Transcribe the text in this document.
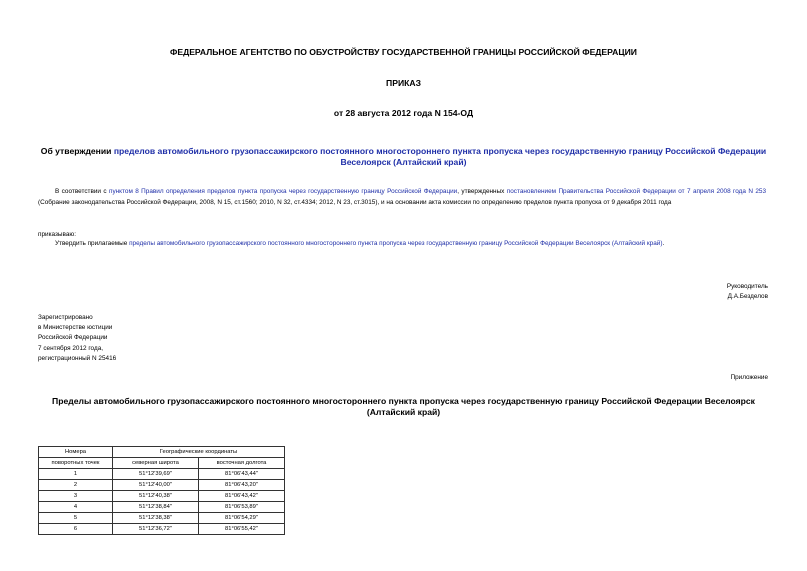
ФЕДЕРАЛЬНОЕ АГЕНТСТВО ПО ОБУСТРОЙСТВУ ГОСУДАРСТВЕННОЙ ГРАНИЦЫ РОССИЙСКОЙ ФЕДЕРАЦИИ
ПРИКАЗ
от 28 августа 2012 года N 154-ОД
Об утверждении пределов автомобильного грузопассажирского постоянного многостороннего пункта пропуска через государственную границу Российской Федерации Веселоярск (Алтайский край)
В соответствии с пунктом 8 Правил определения пределов пункта пропуска через государственную границу Российской Федерации, утвержденных постановлением Правительства Российской Федерации от 7 апреля 2008 года N 253 (Собрание законодательства Российской Федерации, 2008, N 15, ст.1560; 2010, N 32, ст.4334; 2012, N 23, ст.3015), и на основании акта комиссии по определению пределов пункта пропуска от 9 декабря 2011 года
приказываю:
Утвердить прилагаемые пределы автомобильного грузопассажирского постоянного многостороннего пункта пропуска через государственную границу Российской Федерации Веселоярск (Алтайский край).
Руководитель
Д.А.Безделов
Зарегистрировано
в Министерстве юстиции
Российской Федерации
7 сентября 2012 года,
регистрационный N 25416
Приложение
Пределы автомобильного грузопассажирского постоянного многостороннего пункта пропуска через государственную границу Российской Федерации Веселоярск (Алтайский край)
Номера	Географические координаты	
поворотных точек	северная широта	восточная долгота
1	51°12'39,69"	81°06'43,44"
2	51°12'40,00"	81°06'43,20"
3	51°12'40,38"	81°06'43,42"
4	51°12'38,84"	81°06'53,89"
5	51°12'38,38"	81°06'54,29"
6	51°12'36,72"	81°06'55,42"
